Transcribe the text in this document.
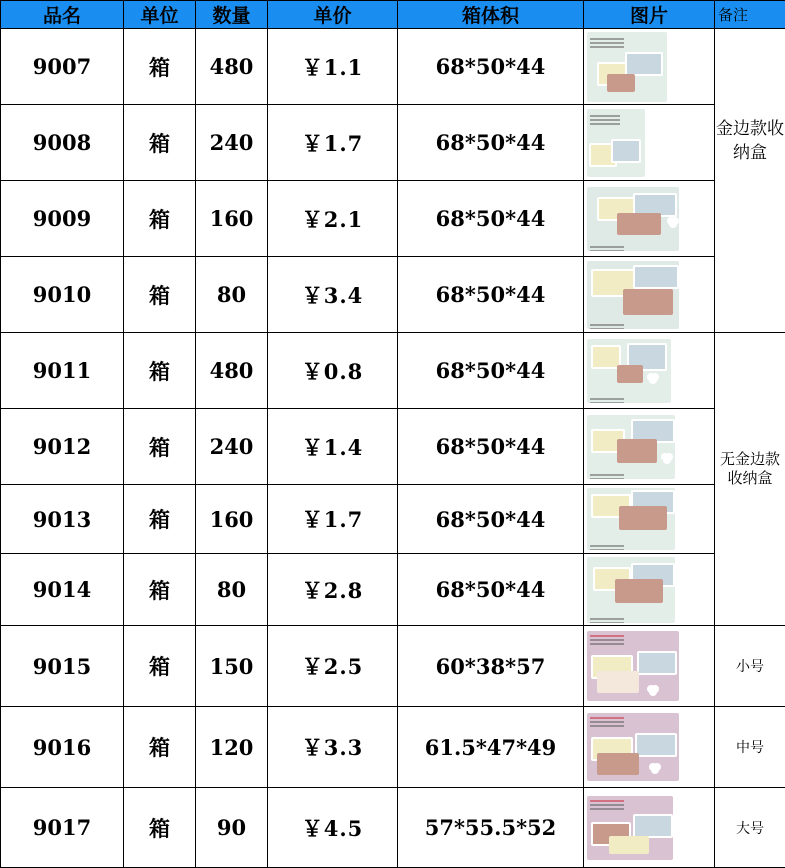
品名	单位	数量	单价	箱体积	图片	备注
9007	箱	480	￥1.1	68*50*44		金边款收纳盒
9008	箱	240	￥1.7	68*50*44		

9009	箱	160	￥2.1	68*50*44		

9010	箱	80	￥3.4	68*50*44		

9011	箱	480	￥0.8	68*50*44		无金边款收纳盒
9012	箱	240	￥1.4	68*50*44		

9013	箱	160	￥1.7	68*50*44		

9014	箱	80	￥2.8	68*50*44		

9015	箱	150	￥2.5	60*38*57		小号
9016	箱	120	￥3.3	61.5*47*49		中号
9017	箱	90	￥4.5	57*55.5*52		大号
